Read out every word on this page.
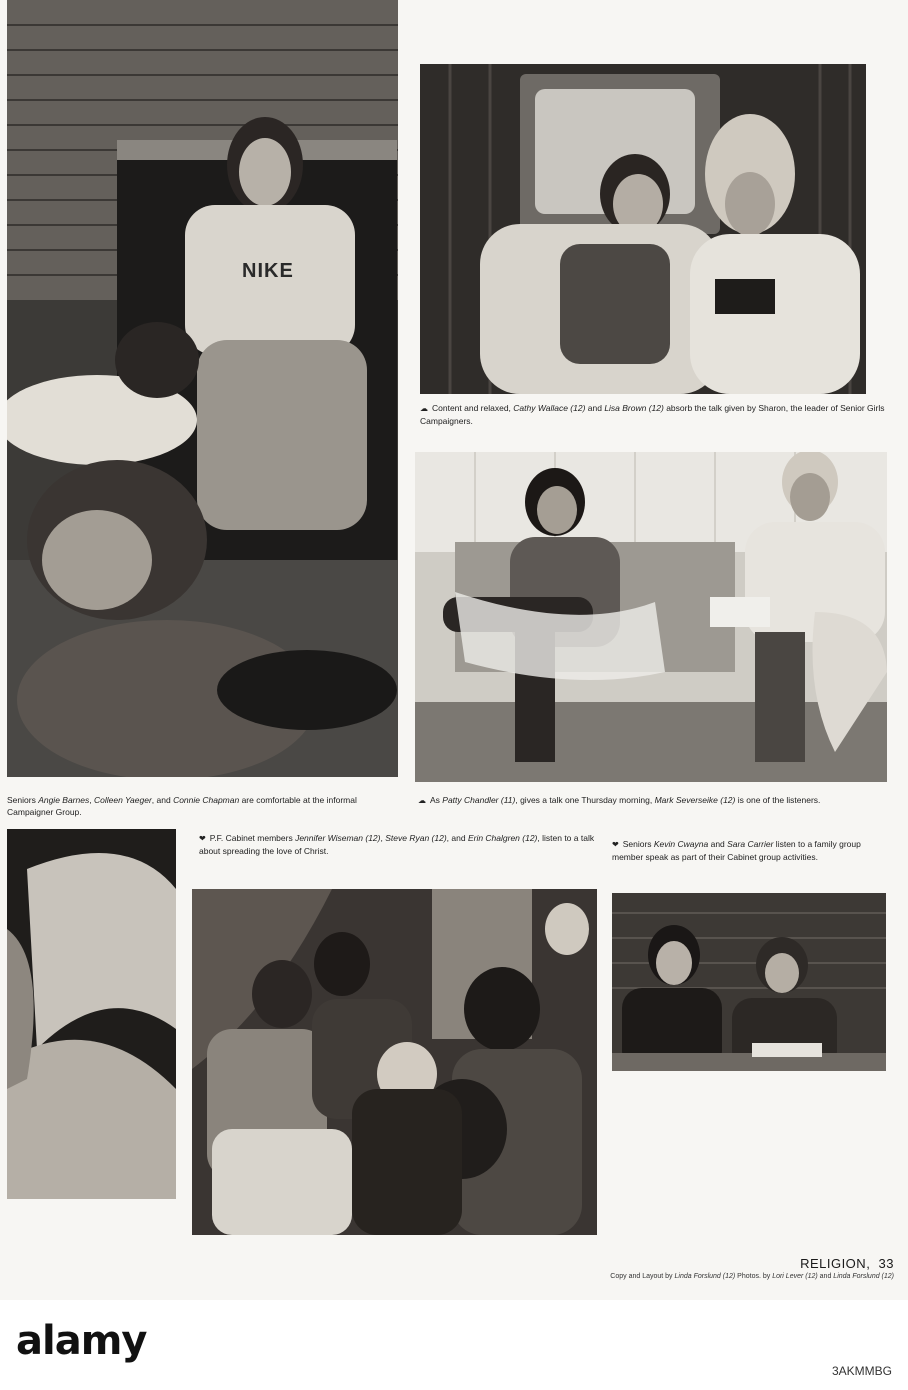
NIKE

☁ Content and relaxed, Cathy Wallace (12) and Lisa Brown (12) absorb the talk given by Sharon, the leader of Senior Girls Campaigners.

Seniors Angie Barnes, Colleen Yaeger, and Connie Chapman are comfortable at the informal Campaigner Group.

☁ As Patty Chandler (11), gives a talk one Thursday morning, Mark Severseike (12) is one of the listeners.

❤ P.F. Cabinet members Jennifer Wiseman (12), Steve Ryan (12), and Erin Chalgren (12), listen to a talk about spreading the love of Christ.

❤ Seniors Kevin Cwayna and Sara Carrier listen to a family group member speak as part of their Cabinet group activities.

RELIGION,  33
Copy and Layout by Linda Forslund (12) Photos. by Lori Lever (12) and Linda Forslund (12)
alamy
3AKMMBG
